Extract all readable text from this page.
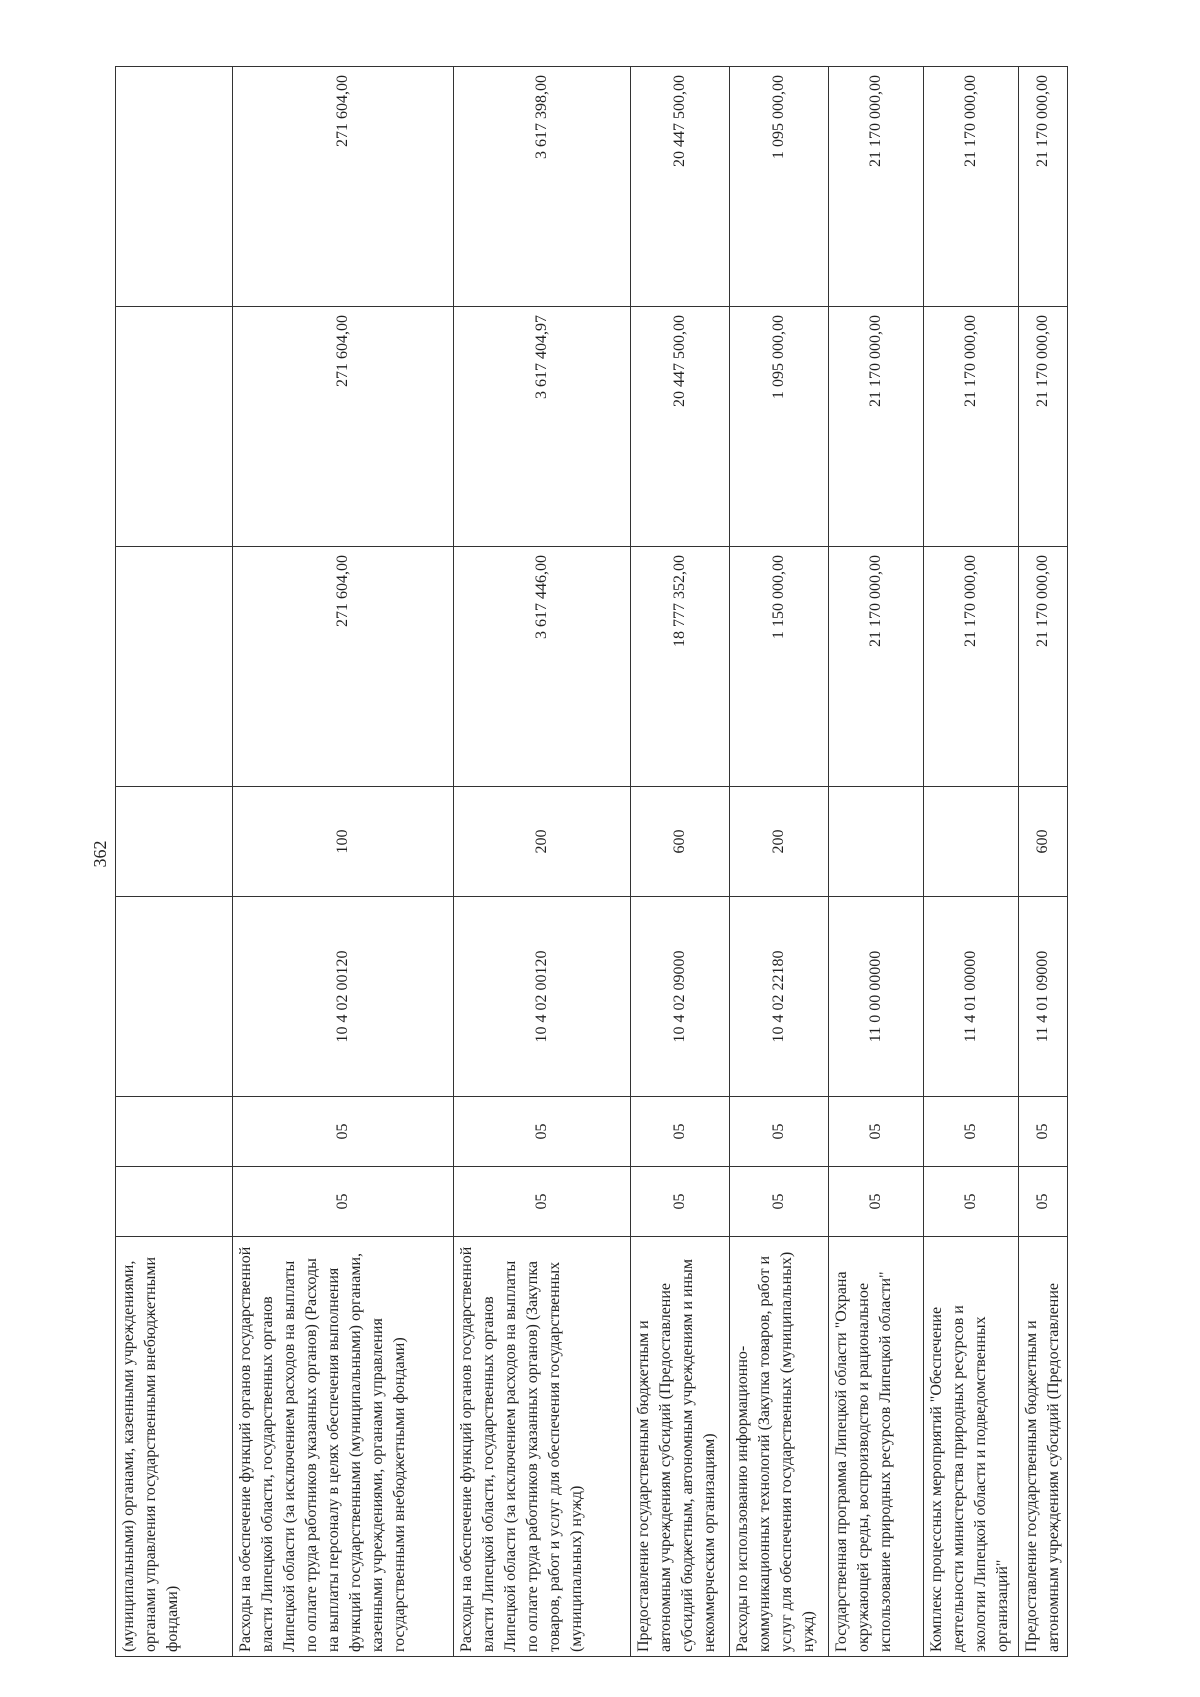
362
(муниципальными) органами, казенными учреждениями, органами управления государственными внебюджетными фондами)							
Расходы на обеспечение функций органов государственной власти Липецкой области, государственных органов Липецкой области (за исключением расходов на выплаты по оплате труда работников указанных органов) (Расходы на выплаты персоналу в целях обеспечения выполнения функций государственными (муниципальными) органами, казенными учреждениями, органами управления государственными внебюджетными фондами)	05	05	10 4 02 00120	100	271 604,00	271 604,00	271 604,00
Расходы на обеспечение функций органов государственной власти Липецкой области, государственных органов Липецкой области (за исключением расходов на выплаты по оплате труда работников указанных органов) (Закупка товаров, работ и услуг для обеспечения государственных (муниципальных) нужд)	05	05	10 4 02 00120	200	3 617 446,00	3 617 404,97	3 617 398,00
Предоставление государственным бюджетным и автономным учреждениям субсидий (Предоставление субсидий бюджетным, автономным учреждениям и иным некоммерческим организациям)	05	05	10 4 02 09000	600	18 777 352,00	20 447 500,00	20 447 500,00
Расходы по использованию информационно-коммуникационных технологий (Закупка товаров, работ и услуг для обеспечения государственных (муниципальных) нужд)	05	05	10 4 02 22180	200	1 150 000,00	1 095 000,00	1 095 000,00
Государственная программа Липецкой области "Охрана окружающей среды, воспроизводство и рациональное использование природных ресурсов Липецкой области"	05	05	11 0 00 00000		21 170 000,00	21 170 000,00	21 170 000,00
Комплекс процессных мероприятий "Обеспечение деятельности министерства природных ресурсов и экологии Липецкой области и подведомственных организаций"	05	05	11 4 01 00000		21 170 000,00	21 170 000,00	21 170 000,00
Предоставление государственным бюджетным и автономным учреждениям субсидий (Предоставление	05	05	11 4 01 09000	600	21 170 000,00	21 170 000,00	21 170 000,00
